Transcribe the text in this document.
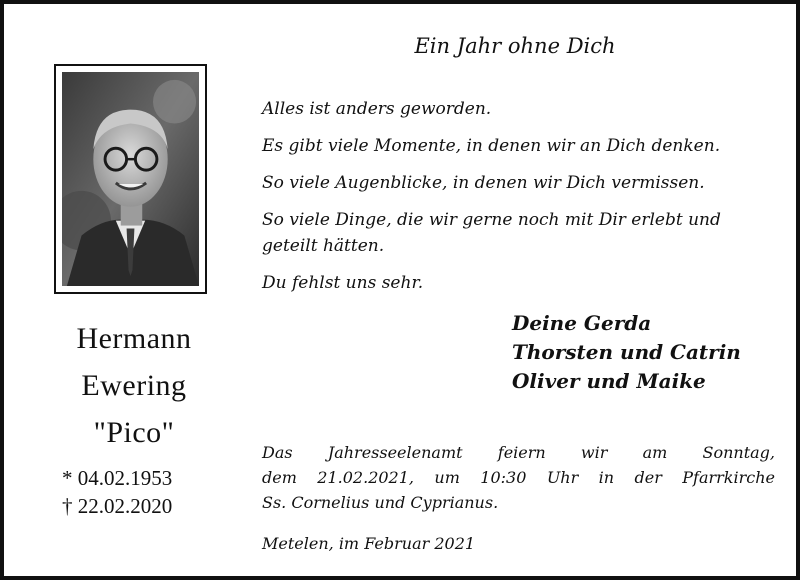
Ein Jahr ohne Dich
Hermann
Ewering
"Pico"
* 04.02.1953
† 22.02.2020
Alles ist anders geworden.
Es gibt viele Momente, in denen wir an Dich denken.
So viele Augenblicke, in denen wir Dich vermissen.
So viele Dinge, die wir gerne noch mit Dir erlebt und
geteilt hätten.
Du fehlst uns sehr.
Deine Gerda
Thorsten und Catrin
Oliver und Maike
Das Jahresseelenamt feiern wir am Sonntag,
dem 21.02.2021, um 10:30 Uhr in der Pfarrkirche
Ss. Cornelius und Cyprianus.
Metelen, im Februar 2021
